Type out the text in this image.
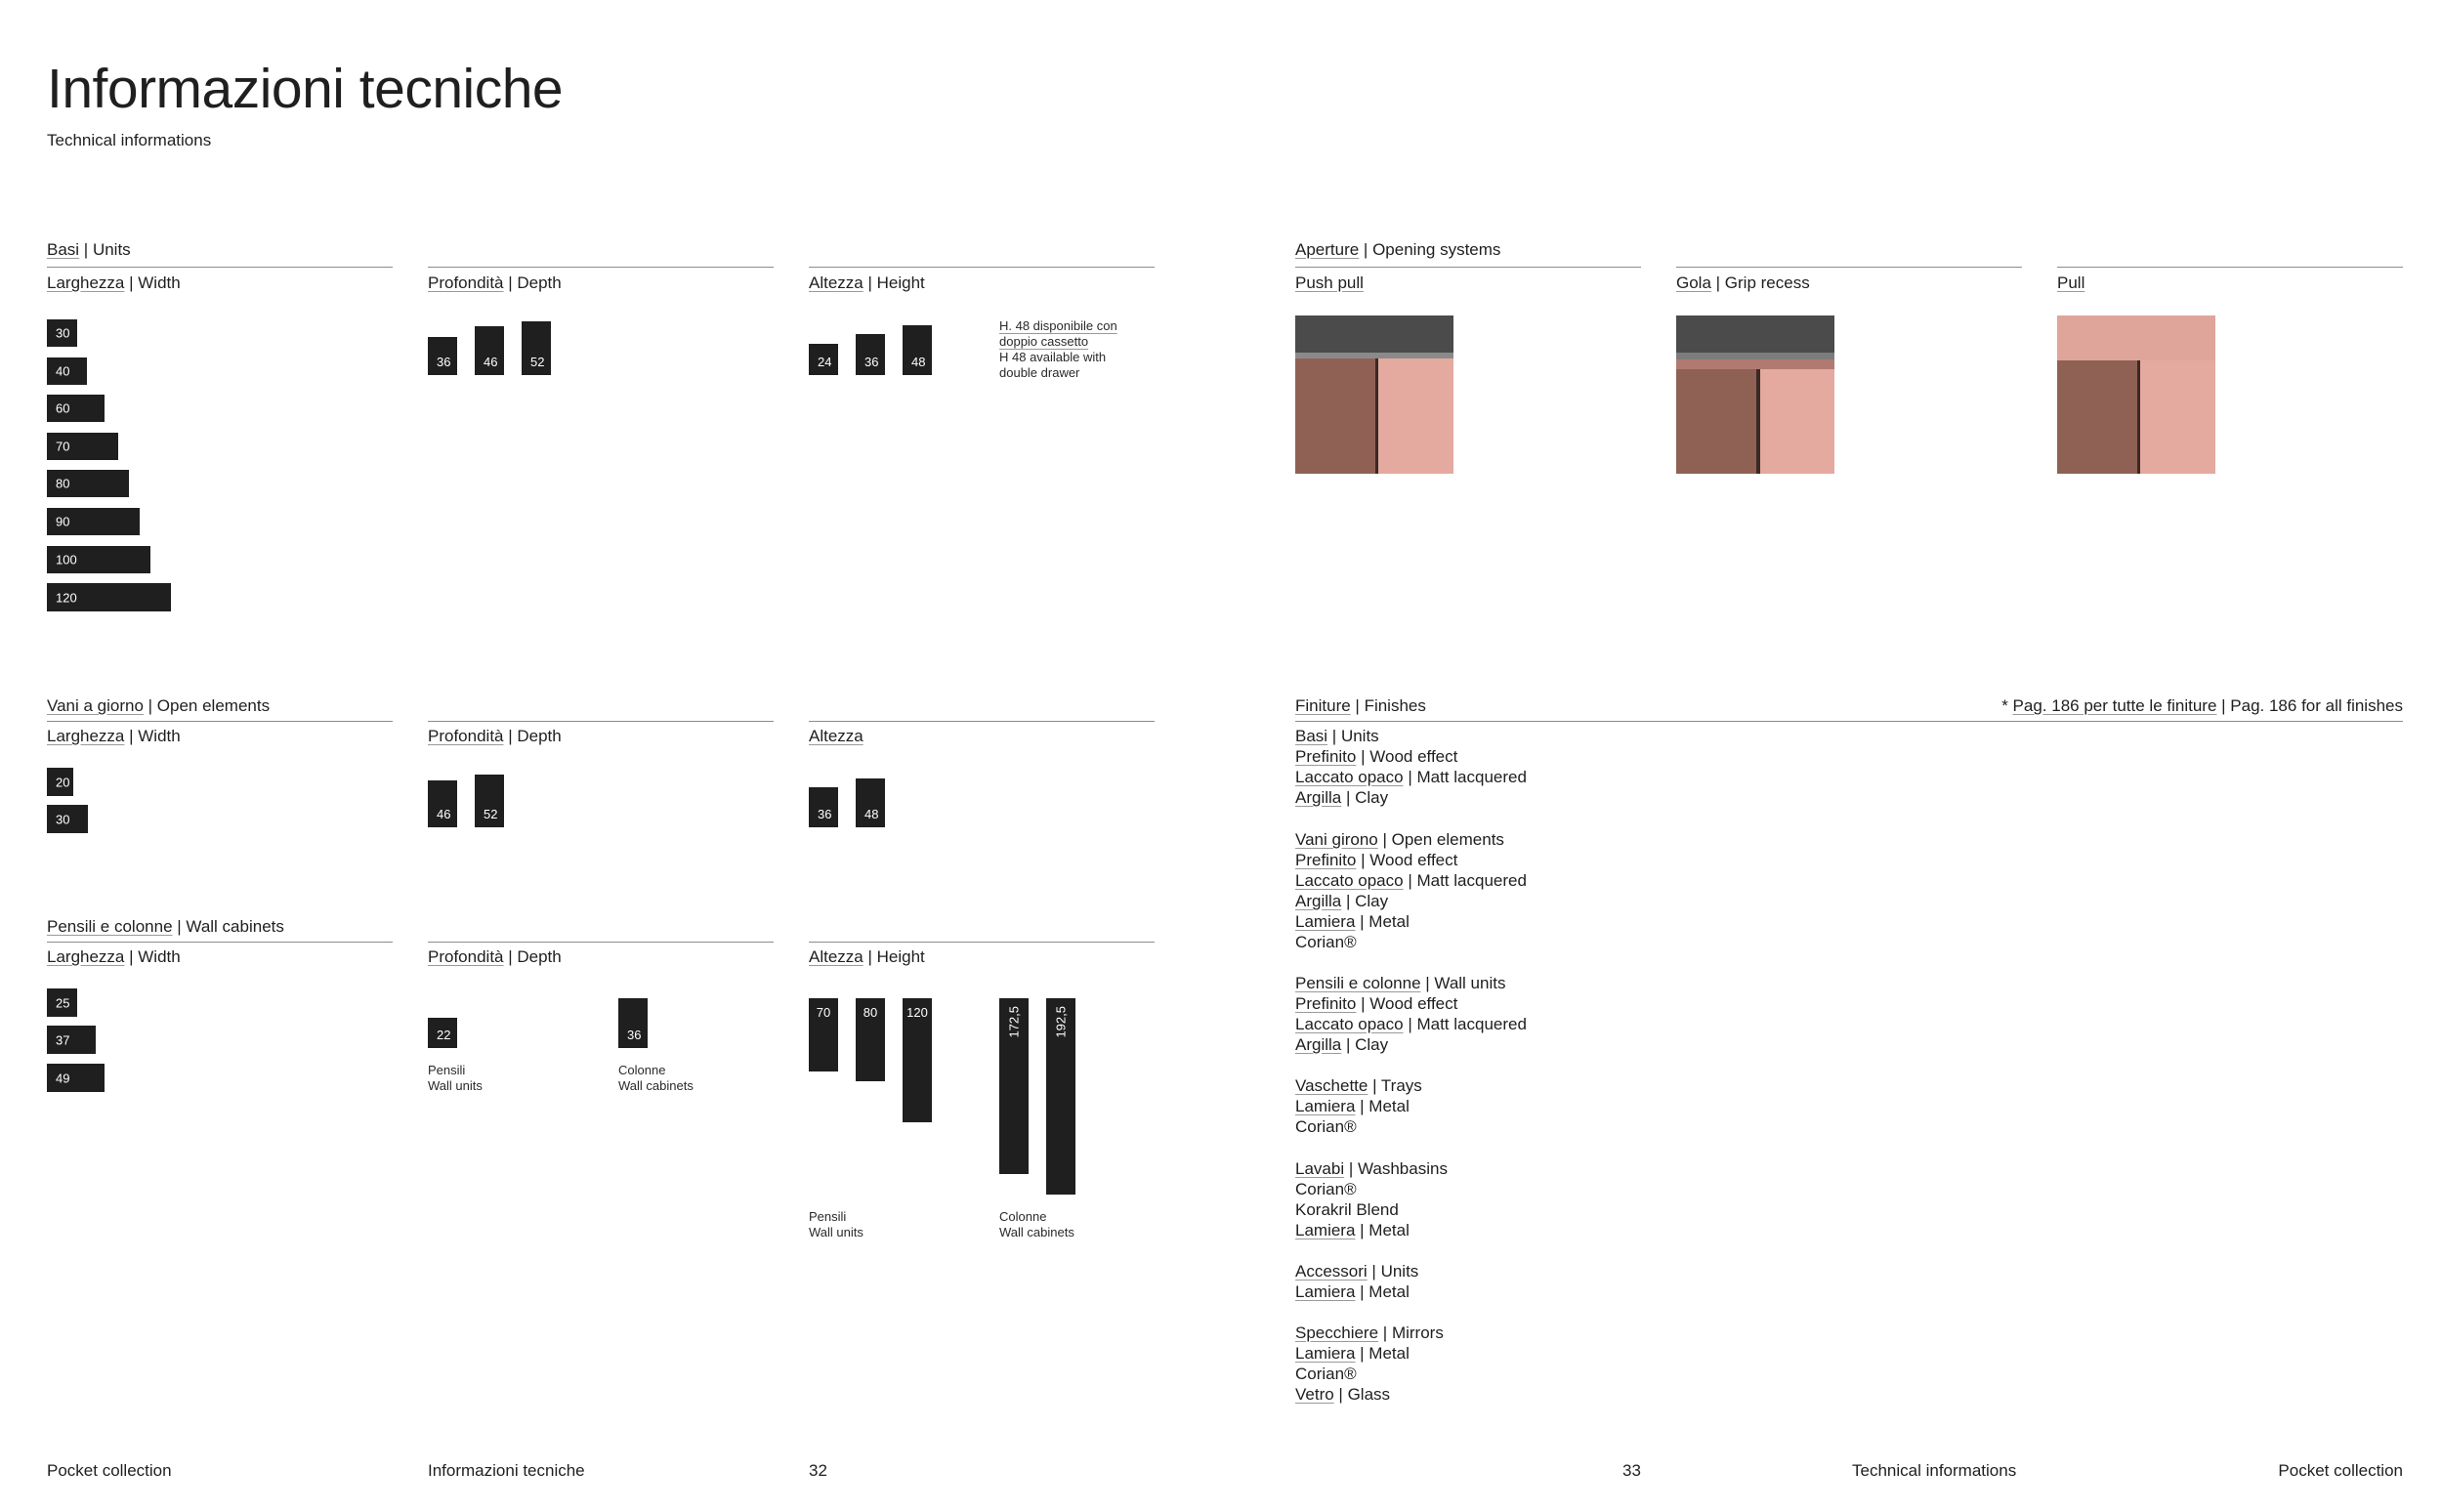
Informazioni tecniche
Technical informations
Basi | Units
Larghezza | Width	Profondità | Depth	Altezza | Height
30
40
60
70
80
90
100
120
36	46	52	24	36	48
H. 48 disponibile con
doppio cassetto
H 48 available with
double drawer
Vani a giorno | Open elements
Larghezza | Width	Profondità | Depth	Altezza
20
30	46	52	36	48
Pensili e colonne | Wall cabinets
Larghezza | Width	Profondità | Depth	Altezza | Height
25
37
49
22
Pensili
Wall units
36
Colonne
Wall cabinets
70	80 120	172,5	192,5
Pensili
Wall units
Colonne
Wall cabinets
Aperture | Opening systems
Push pull	Gola | Grip recess	Pull
Finiture | Finishes	* Pag. 186 per tutte le finiture | Pag. 186 for all finishes
Basi | Units
Prefinito | Wood effect
Laccato opaco | Matt lacquered
Argilla | Clay
Vani girono | Open elements
Prefinito | Wood effect
Laccato opaco | Matt lacquered
Argilla | Clay
Lamiera | Metal
Corian®
Pensili e colonne | Wall units
Prefinito | Wood effect
Laccato opaco | Matt lacquered
Argilla | Clay
Vaschette | Trays
Lamiera | Metal
Corian®
Lavabi | Washbasins
Corian®
Korakril Blend
Lamiera | Metal
Accessori | Units
Lamiera | Metal
Specchiere | Mirrors
Lamiera | Metal
Corian®
Vetro | Glass
Pocket collection	Informazioni tecniche	32	33	Technical informations	Pocket collection
